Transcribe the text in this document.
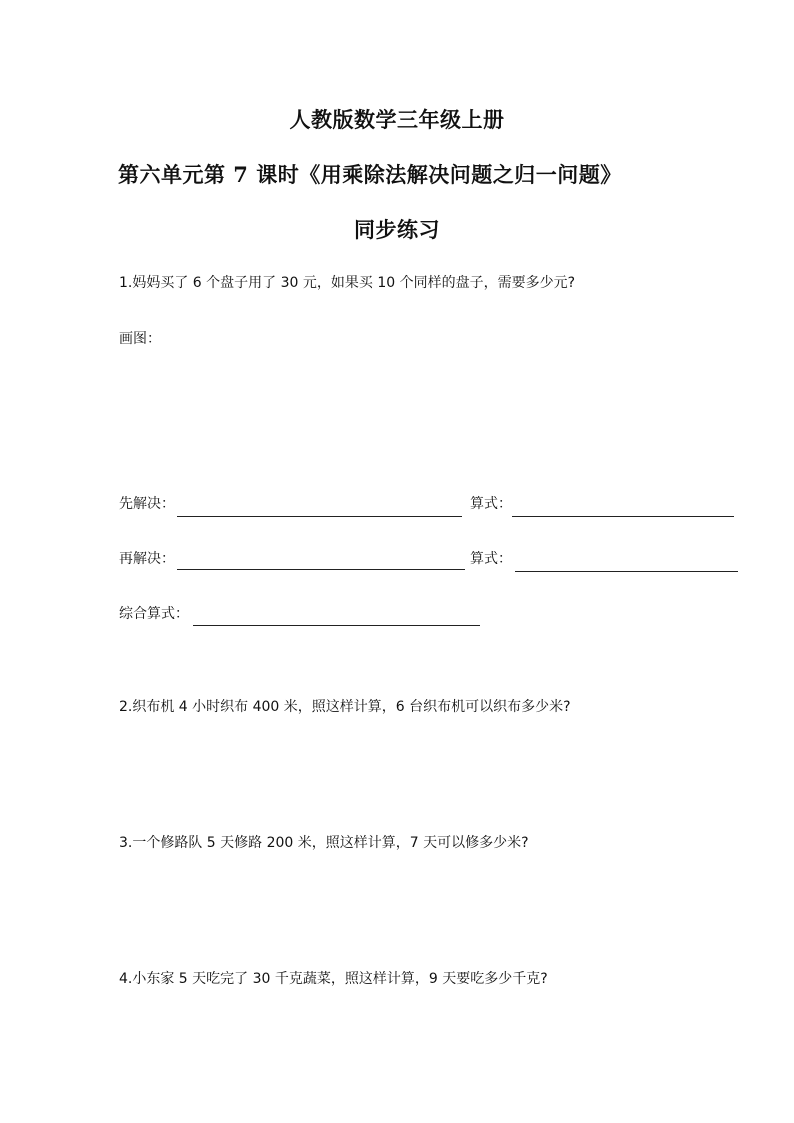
人教版数学三年级上册
第六单元第 7 课时《用乘除法解决问题之归一问题》
同步练习
1.妈妈买了 6 个盘子用了 30 元，如果买 10 个同样的盘子，需要多少元?
画图：
先解决：	算式：
再解决：	算式：
综合算式：
2.织布机 4 小时织布 400 米，照这样计算，6 台织布机可以织布多少米?
3.一个修路队 5 天修路 200 米，照这样计算，7 天可以修多少米?
4.小东家 5 天吃完了 30 千克蔬菜，照这样计算，9 天要吃多少千克?
